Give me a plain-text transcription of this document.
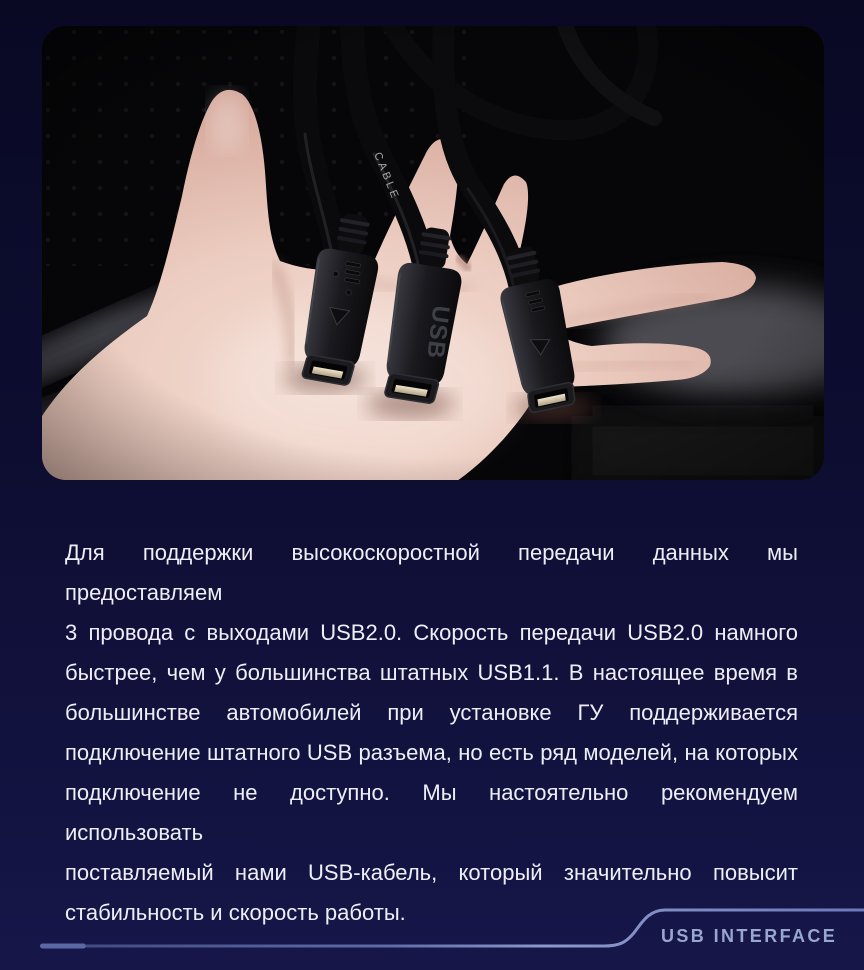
Для поддержки высокоскоростной передачи данных мы предоставляем

3 провода с выходами USB2.0. Скорость передачи USB2.0 намного

быстрее, чем у большинства штатных USB1.1. В настоящее время в

большинстве автомобилей при установке ГУ поддерживается

подключение штатного USB разъема, но есть ряд моделей, на которых

подключение не доступно. Мы настоятельно рекомендуем использовать

поставляемый нами USB-кабель, который значительно повысит

стабильность и скорость работы.

USB INTERFACE
